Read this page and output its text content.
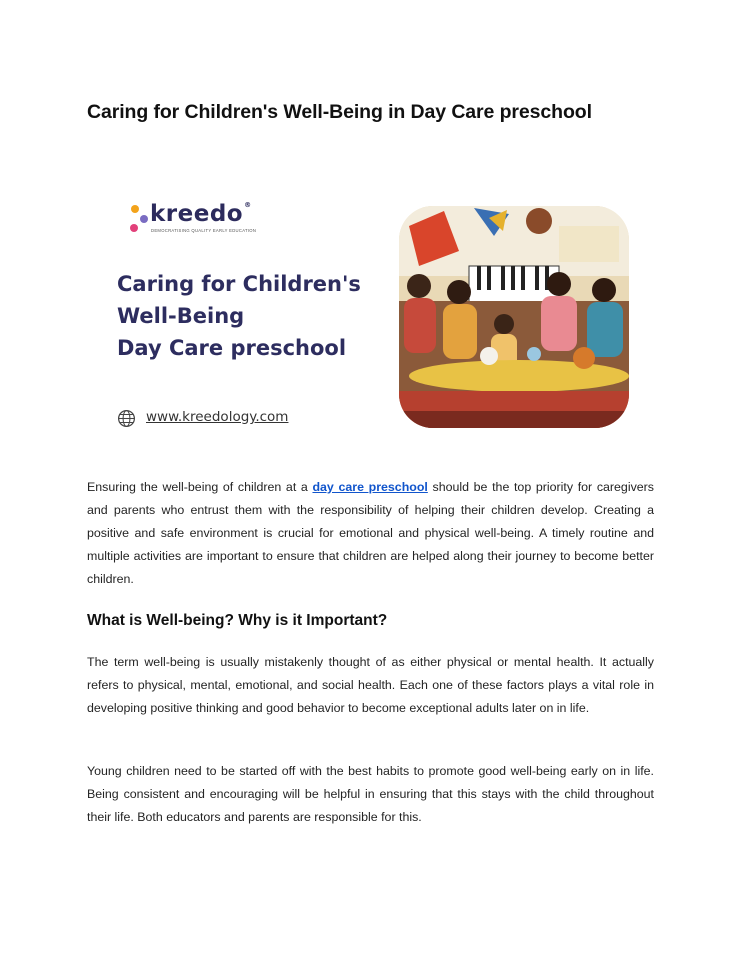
Caring for Children's Well-Being in Day Care preschool
kreedo®
DEMOCRATISING QUALITY EARLY EDUCATION
Caring for Children's
Well-Being
Day Care preschool
www.kreedology.com
Ensuring the well-being of children at a day care preschool should be the top priority for caregivers and parents who entrust them with the responsibility of helping their children develop. Creating a positive and safe environment is crucial for emotional and physical well-being. A timely routine and multiple activities are important to ensure that children are helped along their journey to become better children.
What is Well-being? Why is it Important?
The term well-being is usually mistakenly thought of as either physical or mental health. It actually refers to physical, mental, emotional, and social health. Each one of these factors plays a vital role in developing positive thinking and good behavior to become exceptional adults later on in life.
Young children need to be started off with the best habits to promote good well-being early on in life. Being consistent and encouraging will be helpful in ensuring that this stays with the child throughout their life. Both educators and parents are responsible for this.
